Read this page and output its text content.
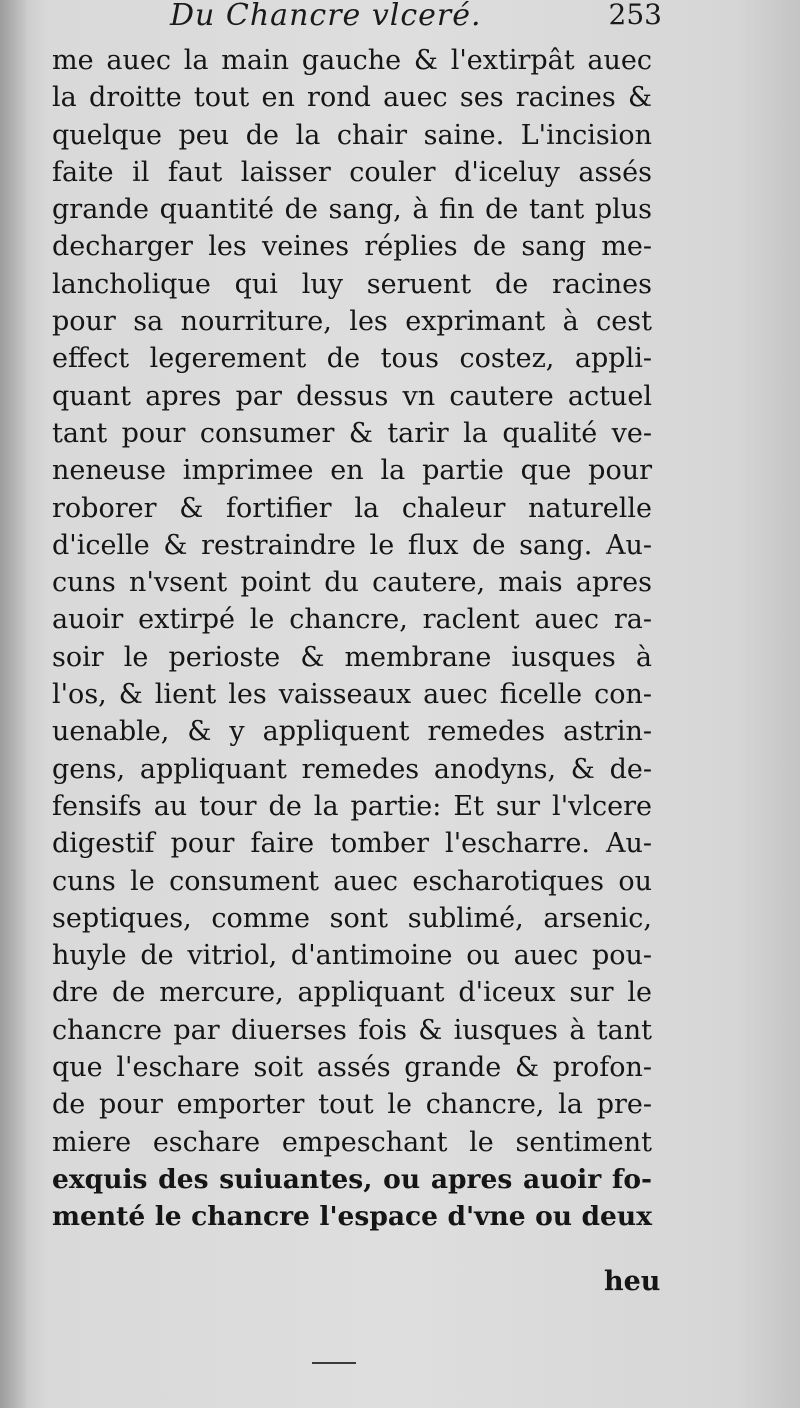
Du Chancre vlceré.	253
me auec la main gauche & l'extirpât auec
la droitte tout en rond auec ses racines &
quelque peu de la chair saine. L'incision
faite il faut laisser couler d'iceluy assés
grande quantité de sang, à fin de tant plus
decharger les veines réplies de sang me-
lancholique qui luy seruent de racines
pour sa nourriture, les exprimant à cest
effect legerement de tous costez, appli-
quant apres par dessus vn cautere actuel
tant pour consumer & tarir la qualité ve-
neneuse imprimee en la partie que pour
roborer & fortifier la chaleur naturelle
d'icelle & restraindre le flux de sang. Au-
cuns n'vsent point du cautere, mais apres
auoir extirpé le chancre, raclent auec ra-
soir le perioste & membrane iusques à
l'os, & lient les vaisseaux auec ficelle con-
uenable, & y appliquent remedes astrin-
gens, appliquant remedes anodyns, & de-
fensifs au tour de la partie: Et sur l'vlcere
digestif pour faire tomber l'escharre. Au-
cuns le consument auec escharotiques ou
septiques, comme sont sublimé, arsenic,
huyle de vitriol, d'antimoine ou auec pou-
dre de mercure, appliquant d'iceux sur le
chancre par diuerses fois & iusques à tant
que l'eschare soit assés grande & profon-
de pour emporter tout le chancre, la pre-
miere eschare empeschant le sentiment
exquis des suiuantes, ou apres auoir fo-
menté le chancre l'espace d'vne ou deux
heu
